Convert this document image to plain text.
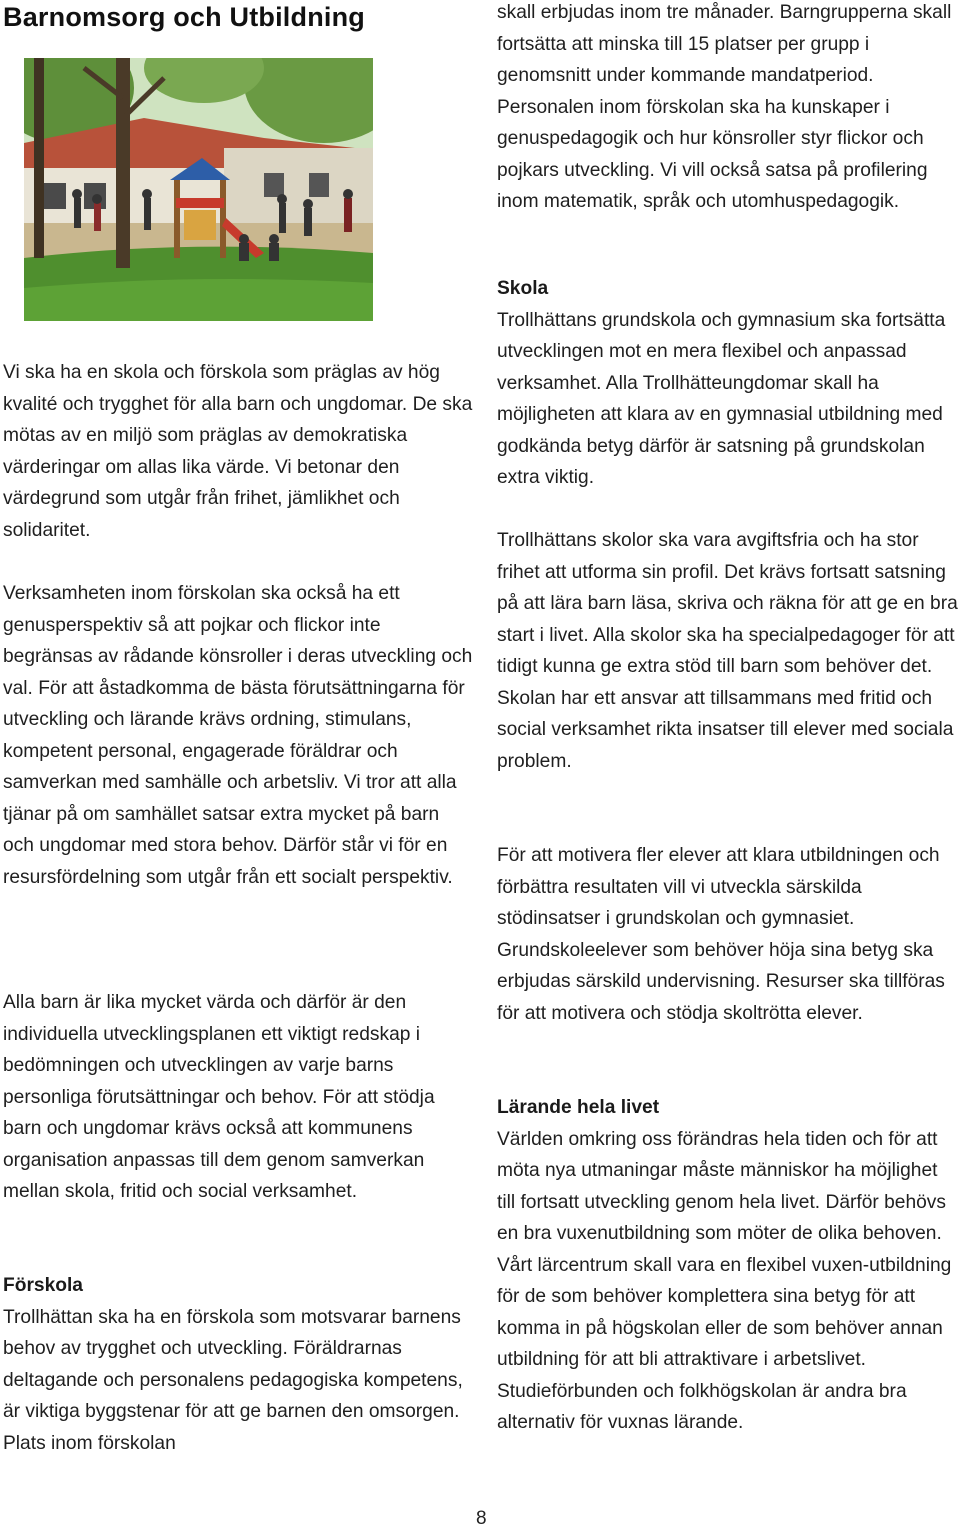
Barnomsorg och Utbildning

Vi ska ha en skola och förskola som präglas av hög kvalité och trygghet för alla barn och ungdomar. De ska mötas av en miljö som präglas av demokratiska värderingar om allas lika värde. Vi betonar den värdegrund som utgår från frihet, jämlikhet och solidaritet.

Verksamheten inom förskolan ska också ha ett genusperspektiv så att pojkar och flickor inte begränsas av rådande könsroller i deras utveckling och val. För att åstadkomma de bästa förutsättningarna för utveckling och lärande krävs ordning, stimulans, kompetent personal, engagerade föräldrar och samverkan med samhälle och arbetsliv. Vi tror att alla tjänar på om samhället satsar extra mycket på barn och ungdomar med stora behov. Därför står vi för en resursfördelning som utgår från ett socialt perspektiv.

Alla barn är lika mycket värda och därför är den individuella utvecklingsplanen ett viktigt redskap i bedömningen och utvecklingen av varje barns personliga förutsättningar och behov. För att stödja barn och ungdomar krävs också att kommunens organisation anpassas till dem genom samverkan mellan skola, fritid och social verksamhet.

Förskola
Trollhättan ska ha en förskola som motsvarar barnens behov av trygghet och utveckling. Föräldrarnas deltagande och personalens pedagogiska kompetens, är viktiga byggstenar för att ge barnen den omsorgen. Plats inom förskolan

skall erbjudas inom tre månader. Barngrupperna skall fortsätta att minska till 15 platser per grupp i genomsnitt under kommande mandatperiod. Personalen inom förskolan ska ha kunskaper i genuspedagogik och hur könsroller styr flickor och pojkars utveckling. Vi vill också satsa på profilering inom matematik, språk och utomhuspedagogik.

Skola
Trollhättans grundskola och gymnasium ska fortsätta utvecklingen mot en mera flexibel och anpassad verksamhet. Alla Trollhätteungdomar skall ha möjligheten att klara av en gymnasial utbildning med godkända betyg därför är satsning på grundskolan extra viktig.

Trollhättans skolor ska vara avgiftsfria och ha stor frihet att utforma sin profil. Det krävs fortsatt satsning på att lära barn läsa, skriva och räkna för att ge en bra start i livet. Alla skolor ska ha specialpedagoger för att tidigt kunna ge extra stöd till barn som behöver det. Skolan har ett ansvar att tillsammans med fritid och social verksamhet rikta insatser till elever med sociala problem.

För att motivera fler elever att klara utbildningen och förbättra resultaten vill vi utveckla särskilda stödinsatser i grundskolan och gymnasiet. Grundskoleelever som behöver höja sina betyg ska erbjudas särskild undervisning. Resurser ska tillföras för att motivera och stödja skoltrötta elever.

Lärande hela livet
Världen omkring oss förändras hela tiden och för att möta nya utmaningar måste människor ha möjlighet till fortsatt utveckling genom hela livet. Därför behövs en bra vuxenutbildning som möter de olika behoven.
Vårt lärcentrum skall vara en flexibel vuxen-utbildning för de som behöver komplettera sina betyg för att komma in på högskolan eller de som behöver annan utbildning för att bli attraktivare i arbetslivet. Studieförbunden och folkhögskolan är andra bra alternativ för vuxnas lärande.
8
